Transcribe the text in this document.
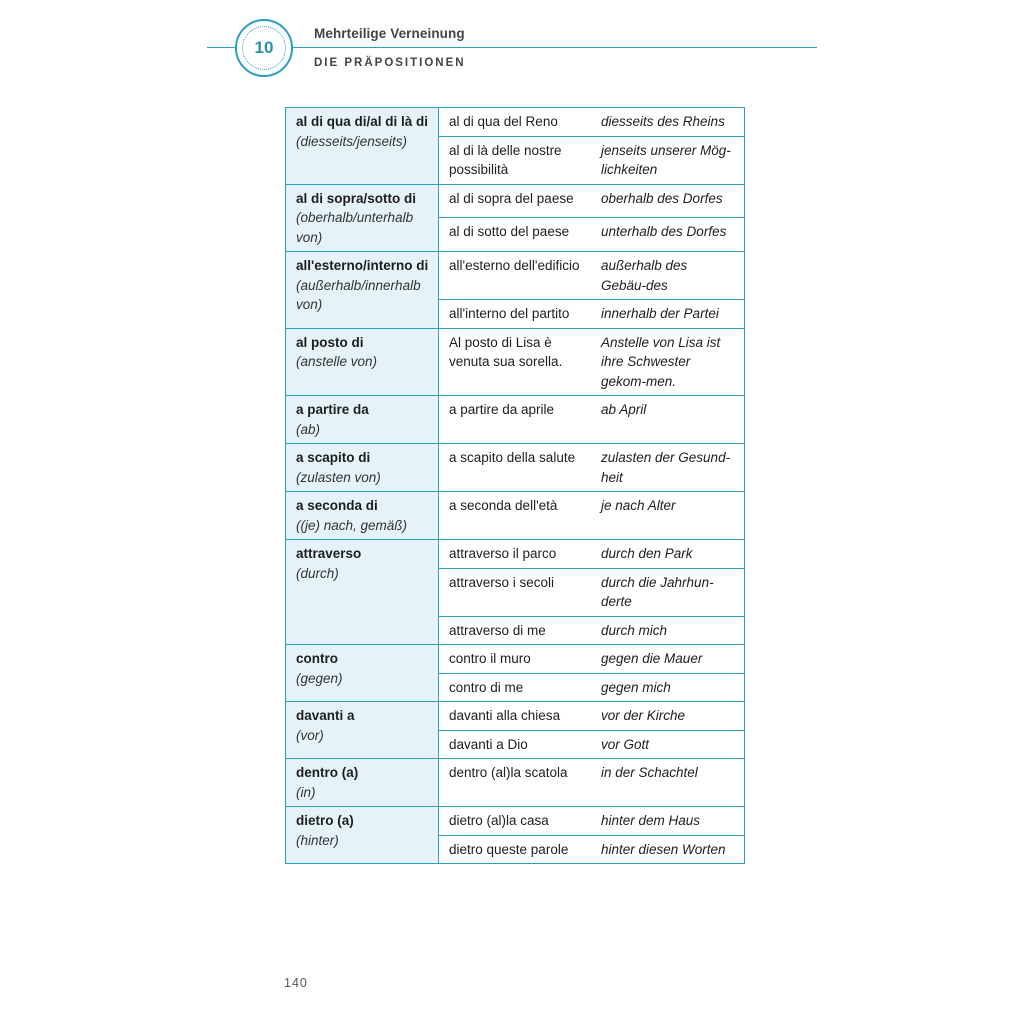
10
Mehrteilige Verneinung
DIE PRÄPOSITIONEN
al di qua di/al di là di
(diesseits/jenseits)	al di qua del Reno	diesseits des Rheins
	al di là delle nostre possibilità	jenseits unserer Mög-lichkeiten

al di sopra/sotto di
(oberhalb/unterhalb von)	al di sopra del paese	oberhalb des Dorfes
	al di sotto del paese	unterhalb des Dorfes

all'esterno/interno di
(außerhalb/innerhalb von)	all'esterno dell'edificio	außerhalb des Gebäu-des
	all'interno del partito	innerhalb der Partei

al posto di
(anstelle von)	Al posto di Lisa è venuta sua sorella.	Anstelle von Lisa ist ihre Schwester gekom-men.

a partire da
(ab)	a partire da aprile	ab April

a scapito di
(zulasten von)	a scapito della salute	zulasten der Gesund-heit

a seconda di
((je) nach, gemäß)	a seconda dell'età	je nach Alter

attraverso
(durch)	attraverso il parco	durch den Park
	attraverso i secoli	durch die Jahrhun-derte
	attraverso di me	durch mich

contro
(gegen)	contro il muro	gegen die Mauer
	contro di me	gegen mich

davanti a
(vor)	davanti alla chiesa	vor der Kirche
	davanti a Dio	vor Gott

dentro (a)
(in)	dentro (al)la scatola	in der Schachtel

dietro (a)
(hinter)	dietro (al)la casa	hinter dem Haus
	dietro queste parole	hinter diesen Worten
140
